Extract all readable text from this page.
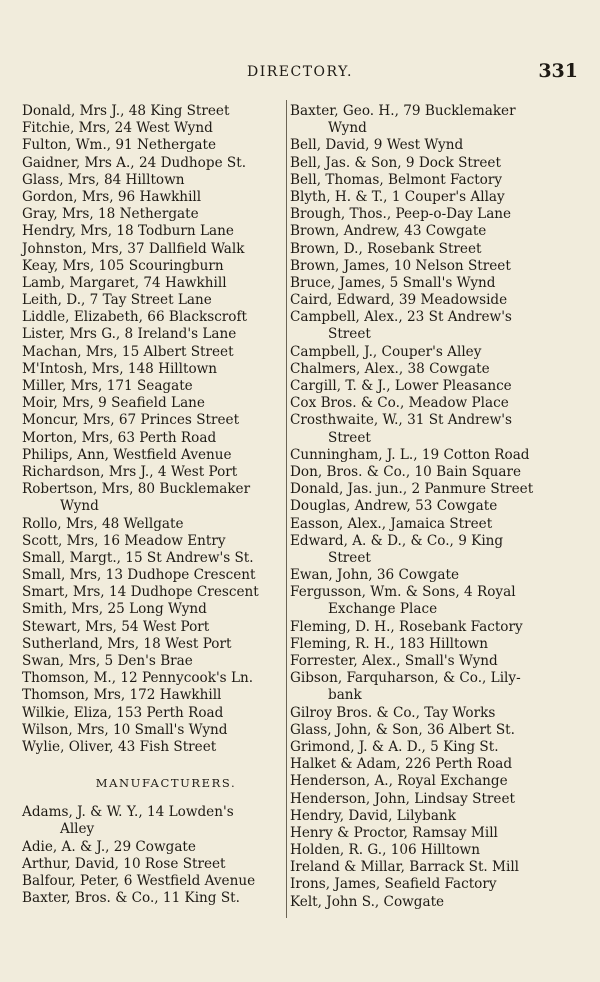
DIRECTORY.	331
Donald, Mrs J., 48 King Street
Fitchie, Mrs, 24 West Wynd
Fulton, Wm., 91 Nethergate
Gaidner, Mrs A., 24 Dudhope St.
Glass, Mrs, 84 Hilltown
Gordon, Mrs, 96 Hawkhill
Gray, Mrs, 18 Nethergate
Hendry, Mrs, 18 Todburn Lane
Johnston, Mrs, 37 Dallfield Walk
Keay, Mrs, 105 Scouringburn
Lamb, Margaret, 74 Hawkhill
Leith, D., 7 Tay Street Lane
Liddle, Elizabeth, 66 Blackscroft
Lister, Mrs G., 8 Ireland's Lane
Machan, Mrs, 15 Albert Street
M'Intosh, Mrs, 148 Hilltown
Miller, Mrs, 171 Seagate
Moir, Mrs, 9 Seafield Lane
Moncur, Mrs, 67 Princes Street
Morton, Mrs, 63 Perth Road
Philips, Ann, Westfield Avenue
Richardson, Mrs J., 4 West Port
Robertson, Mrs, 80 Bucklemaker
Wynd
Rollo, Mrs, 48 Wellgate
Scott, Mrs, 16 Meadow Entry
Small, Margt., 15 St Andrew's St.
Small, Mrs, 13 Dudhope Crescent
Smart, Mrs, 14 Dudhope Crescent
Smith, Mrs, 25 Long Wynd
Stewart, Mrs, 54 West Port
Sutherland, Mrs, 18 West Port
Swan, Mrs, 5 Den's Brae
Thomson, M., 12 Pennycook's Ln.
Thomson, Mrs, 172 Hawkhill
Wilkie, Eliza, 153 Perth Road
Wilson, Mrs, 10 Small's Wynd
Wylie, Oliver, 43 Fish Street
MANUFACTURERS.
Adams, J. & W. Y., 14 Lowden's
Alley
Adie, A. & J., 29 Cowgate
Arthur, David, 10 Rose Street
Balfour, Peter, 6 Westfield Avenue
Baxter, Bros. & Co., 11 King St.
Baxter, Geo. H., 79 Bucklemaker
Wynd
Bell, David, 9 West Wynd
Bell, Jas. & Son, 9 Dock Street
Bell, Thomas, Belmont Factory
Blyth, H. & T., 1 Couper's Allay
Brough, Thos., Peep-o-Day Lane
Brown, Andrew, 43 Cowgate
Brown, D., Rosebank Street
Brown, James, 10 Nelson Street
Bruce, James, 5 Small's Wynd
Caird, Edward, 39 Meadowside
Campbell, Alex., 23 St Andrew's
Street
Campbell, J., Couper's Alley
Chalmers, Alex., 38 Cowgate
Cargill, T. & J., Lower Pleasance
Cox Bros. & Co., Meadow Place
Crosthwaite, W., 31 St Andrew's
Street
Cunningham, J. L., 19 Cotton Road
Don, Bros. & Co., 10 Bain Square
Donald, Jas. jun., 2 Panmure Street
Douglas, Andrew, 53 Cowgate
Easson, Alex., Jamaica Street
Edward, A. & D., & Co., 9 King
Street
Ewan, John, 36 Cowgate
Fergusson, Wm. & Sons, 4 Royal
Exchange Place
Fleming, D. H., Rosebank Factory
Fleming, R. H., 183 Hilltown
Forrester, Alex., Small's Wynd
Gibson, Farquharson, & Co., Lily-
bank
Gilroy Bros. & Co., Tay Works
Glass, John, & Son, 36 Albert St.
Grimond, J. & A. D., 5 King St.
Halket & Adam, 226 Perth Road
Henderson, A., Royal Exchange
Henderson, John, Lindsay Street
Hendry, David, Lilybank
Henry & Proctor, Ramsay Mill
Holden, R. G., 106 Hilltown
Ireland & Millar, Barrack St. Mill
Irons, James, Seafield Factory
Kelt, John S., Cowgate
